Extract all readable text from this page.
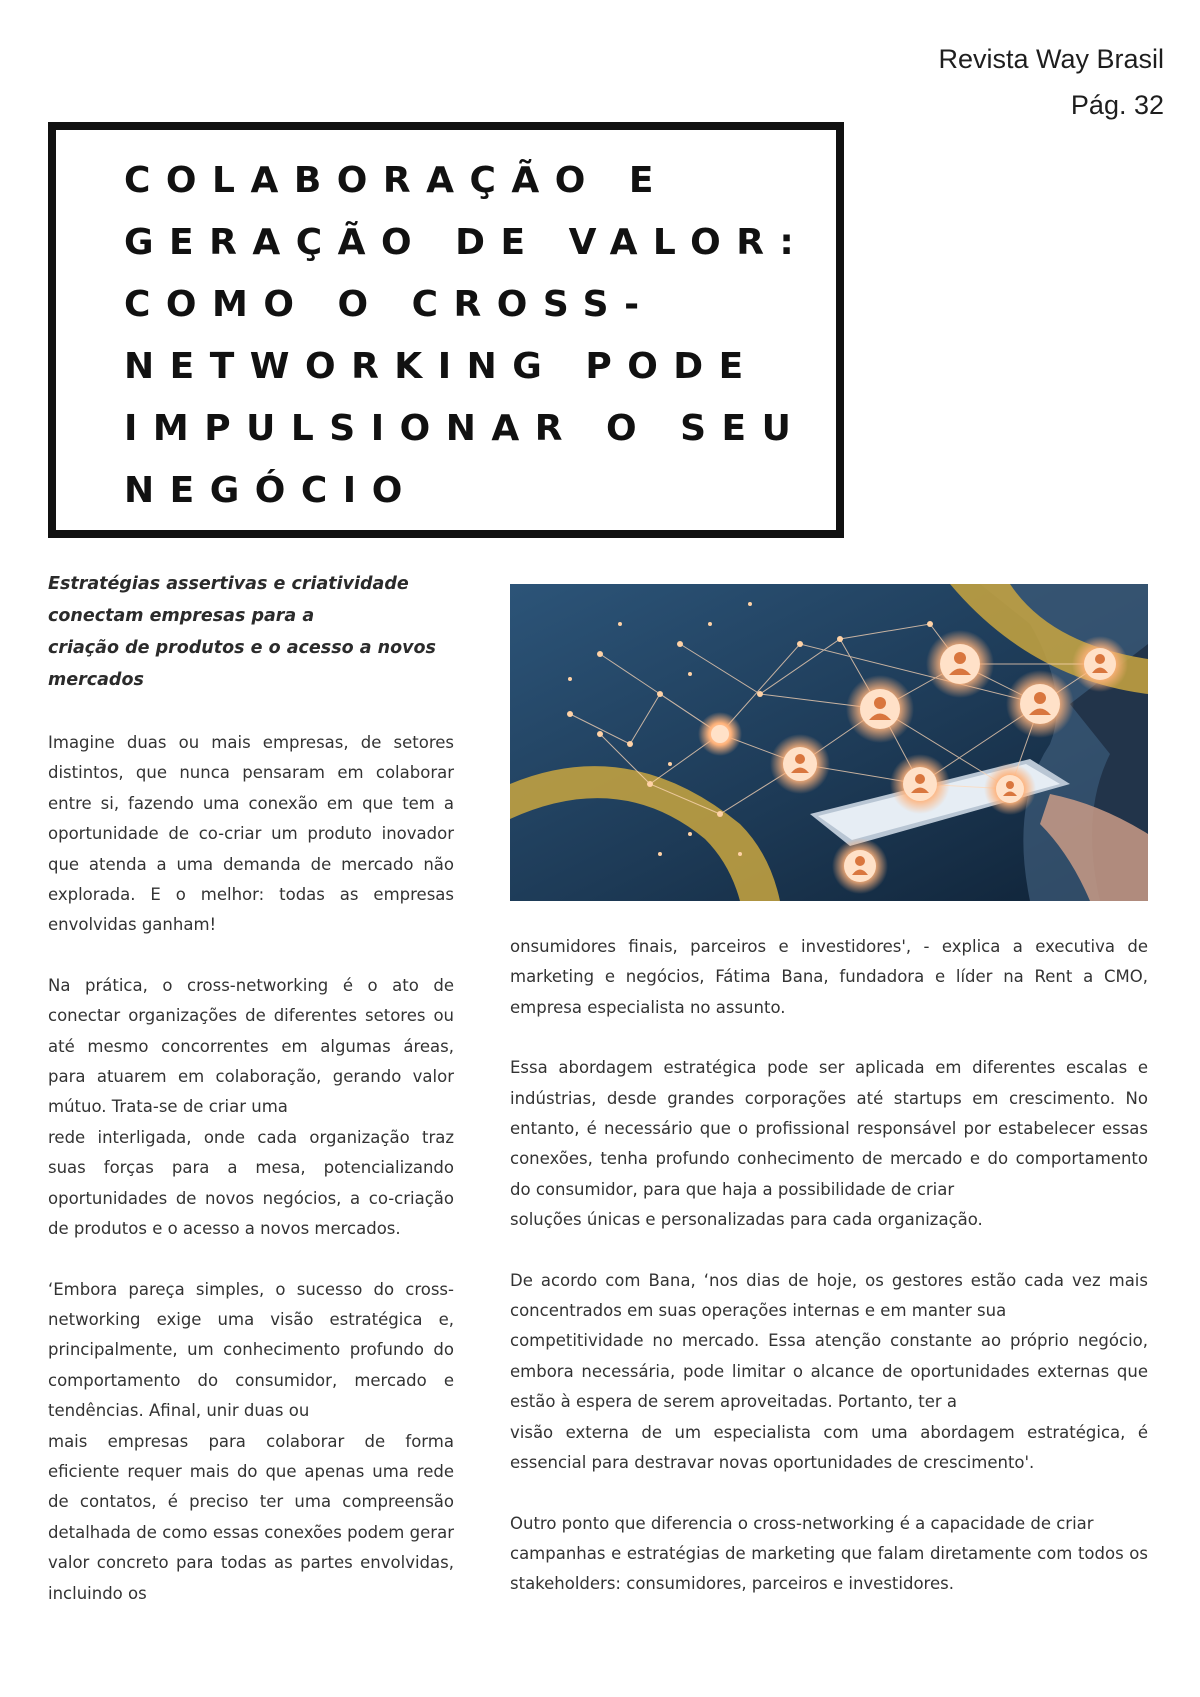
Revista Way Brasil
Pág. 32
COLABORAÇÃO E
GERAÇÃO DE VALOR:
COMO O CROSS-
NETWORKING PODE
IMPULSIONAR O SEU
NEGÓCIO
Estratégias assertivas e criatividade
conectam empresas para a
criação de produtos e o acesso a novos
mercados

Imagine duas ou mais empresas, de setores distintos, que nunca pensaram em colaborar entre si, fazendo uma conexão em que tem a oportunidade de co-criar um produto inovador que atenda a uma demanda de mercado não explorada. E o melhor: todas as empresas envolvidas ganham!

Na prática, o cross-networking é o ato de conectar organizações de diferentes setores ou até mesmo concorrentes em algumas áreas, para atuarem em colaboração, gerando valor mútuo. Trata-se de criar uma
rede interligada, onde cada organização traz suas forças para a mesa, potencializando oportunidades de novos negócios, a co-criação de produtos e o acesso a novos mercados.

‘Embora pareça simples, o sucesso do cross-networking exige uma visão estratégica e, principalmente, um conhecimento profundo do comportamento do consumidor, mercado e tendências. Afinal, unir duas ou
mais empresas para colaborar de forma eficiente requer mais do que apenas uma rede de contatos, é preciso ter uma compreensão detalhada de como essas conexões podem gerar valor concreto para todas as partes envolvidas, incluindo os

onsumidores finais, parceiros e investidores', - explica a executiva de marketing e negócios, Fátima Bana, fundadora e líder na Rent a CMO, empresa especialista no assunto.

Essa abordagem estratégica pode ser aplicada em diferentes escalas e indústrias, desde grandes corporações até startups em crescimento. No entanto, é necessário que o profissional responsável por estabelecer essas conexões, tenha profundo conhecimento de mercado e do comportamento do consumidor, para que haja a possibilidade de criar
soluções únicas e personalizadas para cada organização.

De acordo com Bana, ‘nos dias de hoje, os gestores estão cada vez mais concentrados em suas operações internas e em manter sua
competitividade no mercado. Essa atenção constante ao próprio negócio, embora necessária, pode limitar o alcance de oportunidades externas que estão à espera de serem aproveitadas. Portanto, ter a
visão externa de um especialista com uma abordagem estratégica, é essencial para destravar novas oportunidades de crescimento'.

Outro ponto que diferencia o cross-networking é a capacidade de criar
campanhas e estratégias de marketing que falam diretamente com todos os stakeholders: consumidores, parceiros e investidores.
